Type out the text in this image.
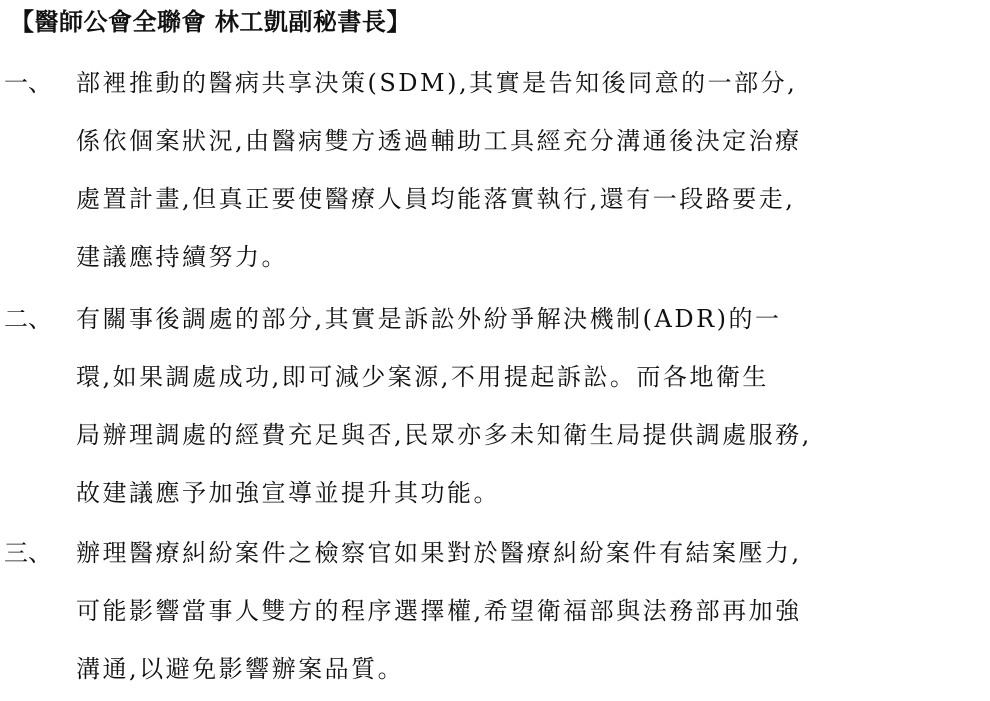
【醫師公會全聯會 林工凱副秘書長】
一、 部裡推動的醫病共享決策(SDM),其實是告知後同意的一部分,
係依個案狀況,由醫病雙方透過輔助工具經充分溝通後決定治療
處置計畫,但真正要使醫療人員均能落實執行,還有一段路要走,
建議應持續努力。
二、 有關事後調處的部分,其實是訴訟外紛爭解決機制(ADR)的一
環,如果調處成功,即可減少案源,不用提起訴訟。而各地衛生
局辦理調處的經費充足與否,民眾亦多未知衛生局提供調處服務,
故建議應予加強宣導並提升其功能。
三、 辦理醫療糾紛案件之檢察官如果對於醫療糾紛案件有結案壓力,
可能影響當事人雙方的程序選擇權,希望衛福部與法務部再加強
溝通,以避免影響辦案品質。
